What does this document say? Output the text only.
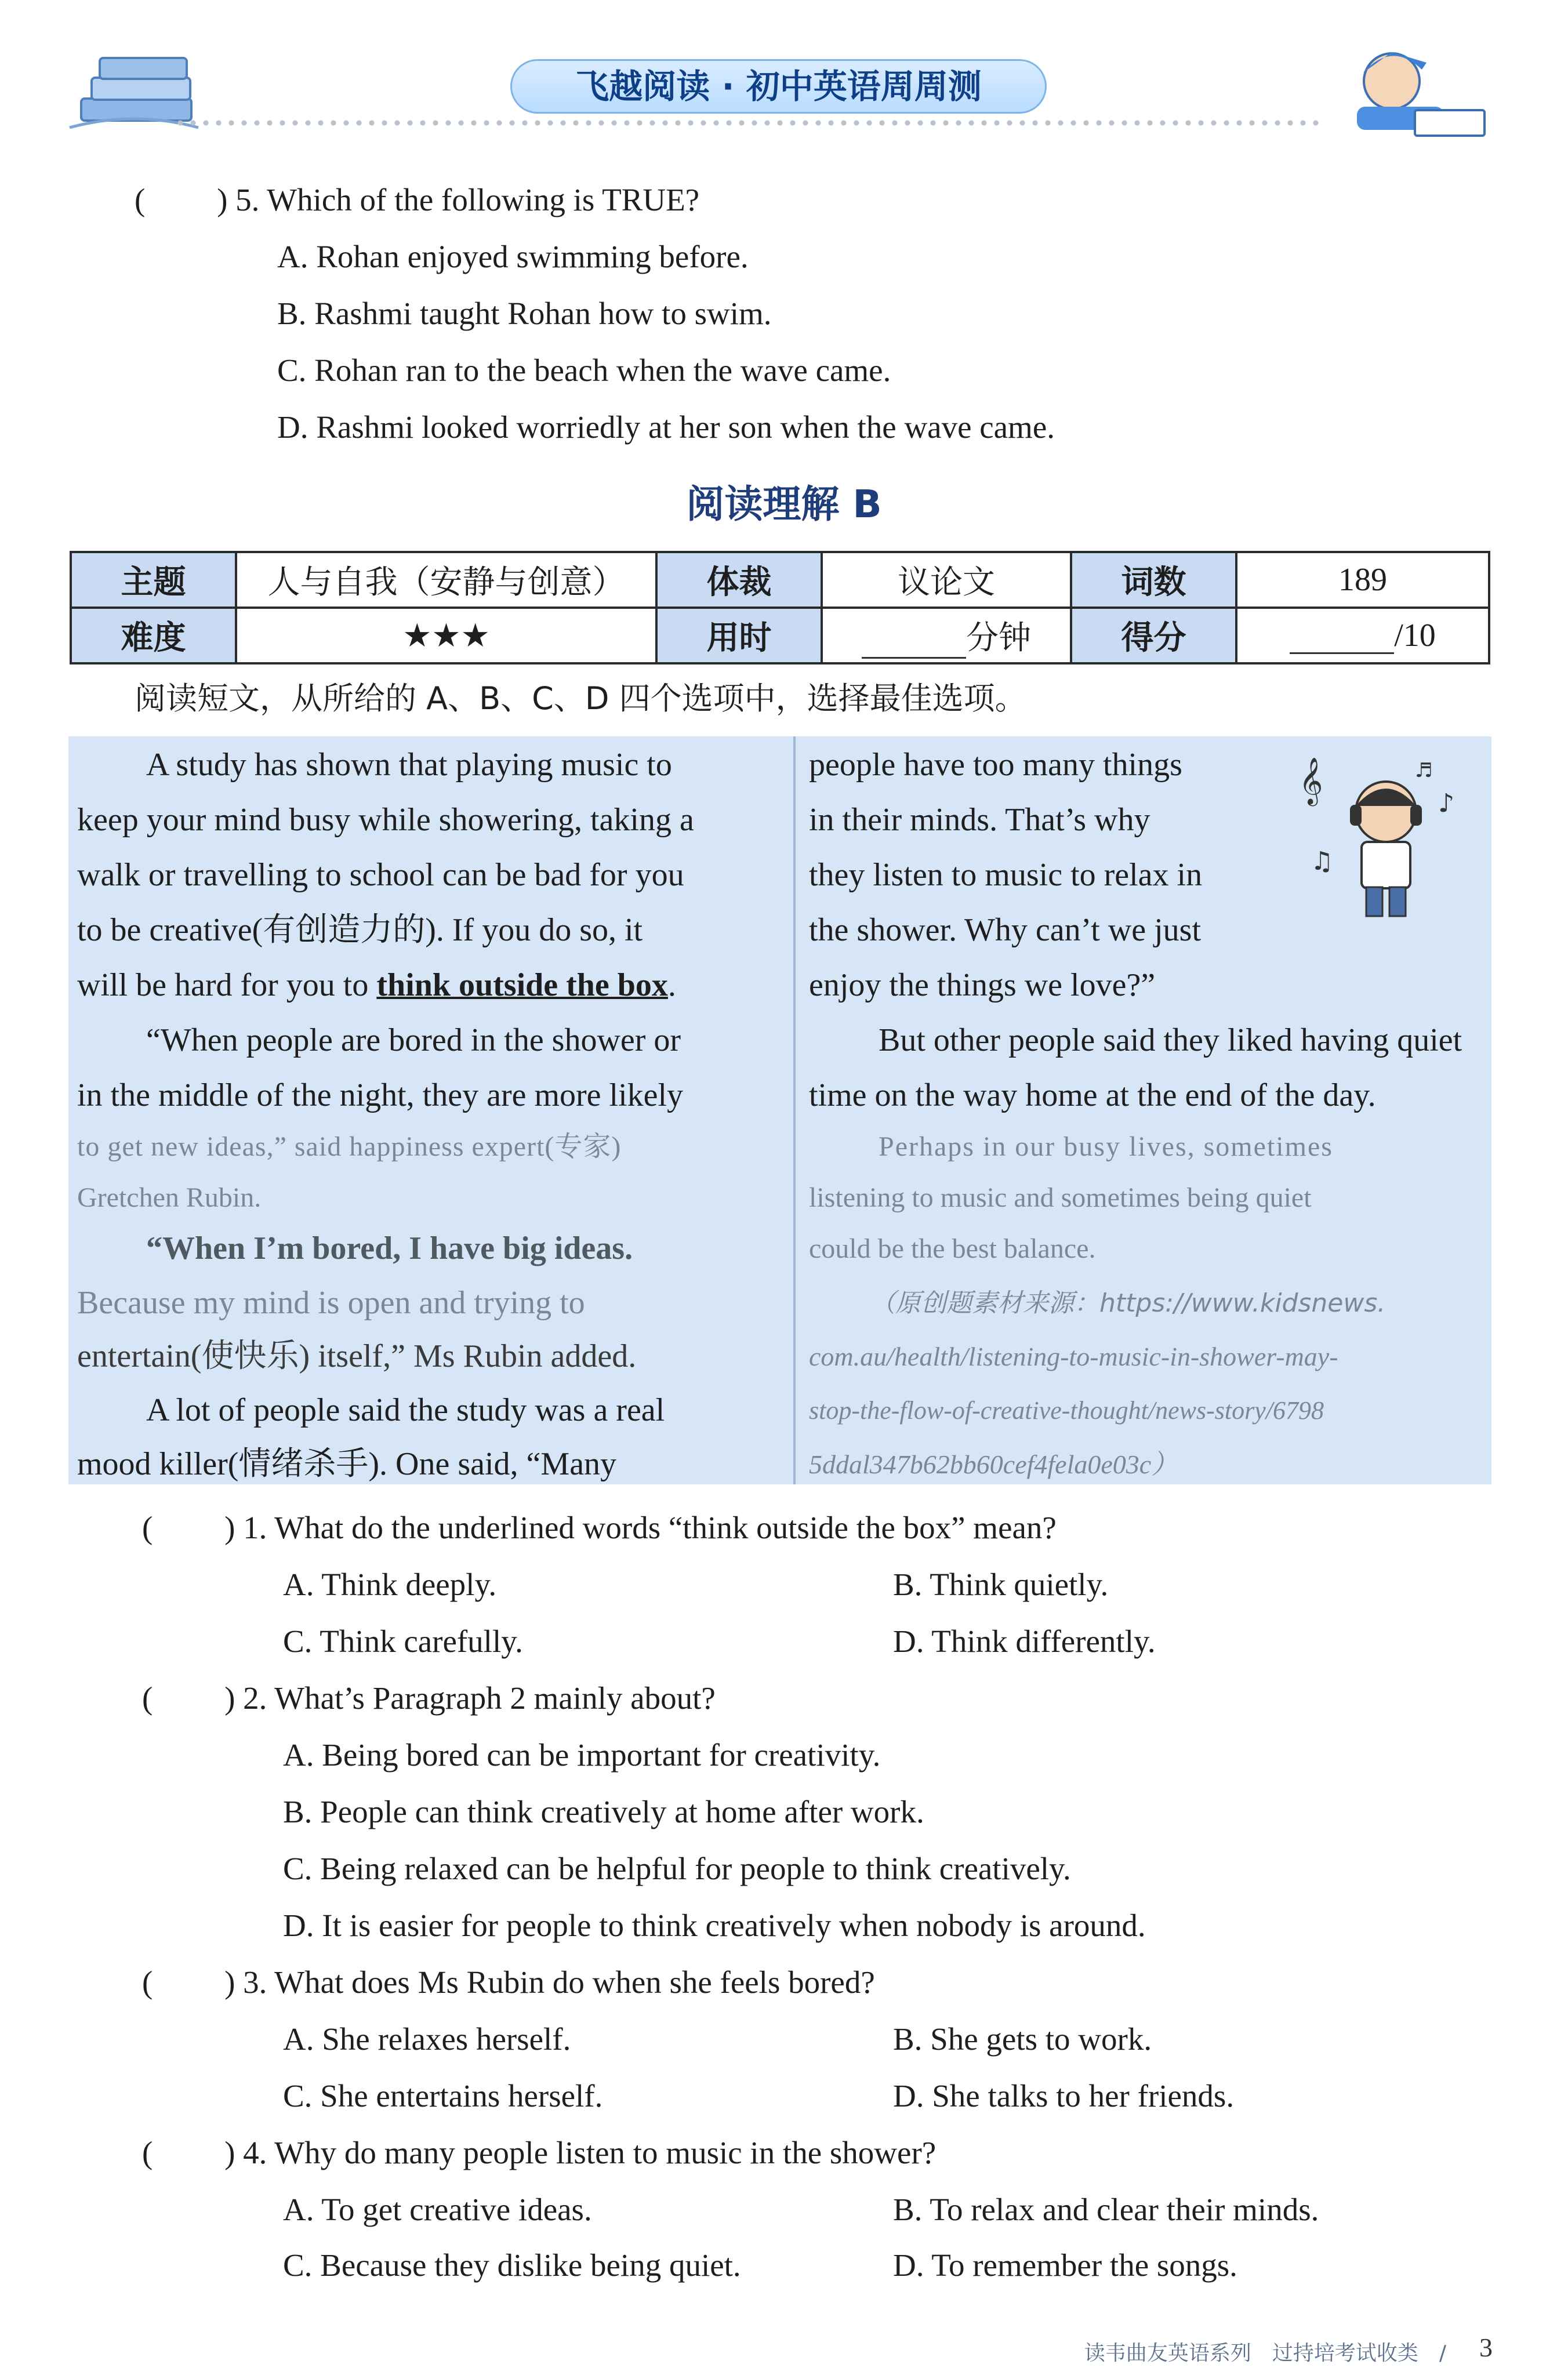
飞越阅读 · 初中英语周周测
(　　 ) 5. Which of the following is TRUE?
A. Rohan enjoyed swimming before.
B. Rashmi taught Rohan how to swim.
C. Rohan ran to the beach when the wave came.
D. Rashmi looked worriedly at her son when the wave came.
阅读理解 B
主题	人与自我（安静与创意）	体裁	议论文	词数	189
难度	★★★	用时	分钟	得分	/10
阅读短文，从所给的 A、B、C、D 四个选项中，选择最佳选项。
A study has shown that playing music to
keep your mind busy while showering, taking a
walk or travelling to school can be bad for you
to be creative(有创造力的). If you do so, it
will be hard for you to think outside the box.
“When people are bored in the shower or
in the middle of the night, they are more likely
to get new ideas,” said happiness expert(专家)
Gretchen Rubin.
“When I’m bored, I have big ideas.
Because my mind is open and trying to
entertain(使快乐) itself,” Ms Rubin added.
A lot of people said the study was a real
mood killer(情绪杀手). One said, “Many
people have too many things
in their minds. That’s why
they listen to music to relax in
the shower. Why can’t we just
enjoy the things we love?”
But other people said they liked having quiet
time on the way home at the end of the day.
Perhaps in our busy lives, sometimes
listening to music and sometimes being quiet
could be the best balance.
（原创题素材来源：https://www.kidsnews.
com.au/health/listening-to-music-in-shower-may-
stop-the-flow-of-creative-thought/news-story/6798
5ddal347b62bb60cef4fela0e03c）
𝄞
♫
♪
♬
(　　 ) 1. What do the underlined words “think outside the box” mean?
A. Think deeply.	B. Think quietly.
C. Think carefully.	D. Think differently.
(　　 ) 2. What’s Paragraph 2 mainly about?
A. Being bored can be important for creativity.
B. People can think creatively at home after work.
C. Being relaxed can be helpful for people to think creatively.
D. It is easier for people to think creatively when nobody is around.
(　　 ) 3. What does Ms Rubin do when she feels bored?
A. She relaxes herself.	B. She gets to work.
C. She entertains herself.	D. She talks to her friends.
(　　 ) 4. Why do many people listen to music in the shower?
A. To get creative ideas.	B. To relax and clear their minds.
C. Because they dislike being quiet.	D. To remember the songs.
读韦曲友英语系列　过持培考试收类　/ 3
